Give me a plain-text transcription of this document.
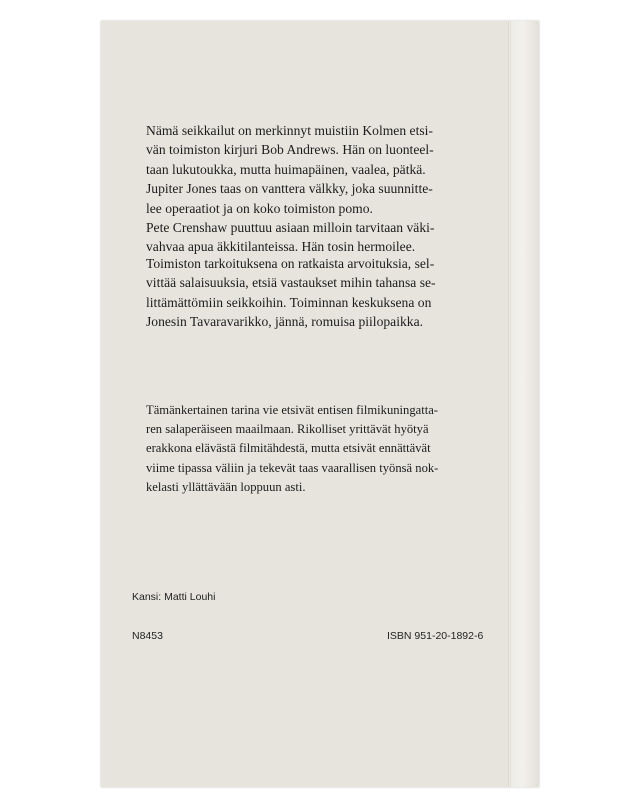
Nämä seikkailut on merkinnyt muistiin Kolmen etsi-
vän toimiston kirjuri Bob Andrews. Hän on luonteel-
taan lukutoukka, mutta huimapäinen, vaalea, pätkä.
Jupiter Jones taas on vanttera välkky, joka suunnitte-
lee operaatiot ja on koko toimiston pomo.
Pete Crenshaw puuttuu asiaan milloin tarvitaan väki-
vahvaa apua äkkitilanteissa. Hän tosin hermoilee.

Toimiston tarkoituksena on ratkaista arvoituksia, sel-
vittää salaisuuksia, etsiä vastaukset mihin tahansa se-
littämättömiin seikkoihin. Toiminnan keskuksena on
Jonesin Tavaravarikko, jännä, romuisa piilopaikka.

Tämänkertainen tarina vie etsivät entisen filmikuningatta-
ren salaperäiseen maailmaan. Rikolliset yrittävät hyötyä
erakkona elävästä filmitähdestä, mutta etsivät ennättävät
viime tipassa väliin ja tekevät taas vaarallisen työnsä nok-
kelasti yllättävään loppuun asti.

Kansi: Matti Louhi
N8453	ISBN 951-20-1892-6
